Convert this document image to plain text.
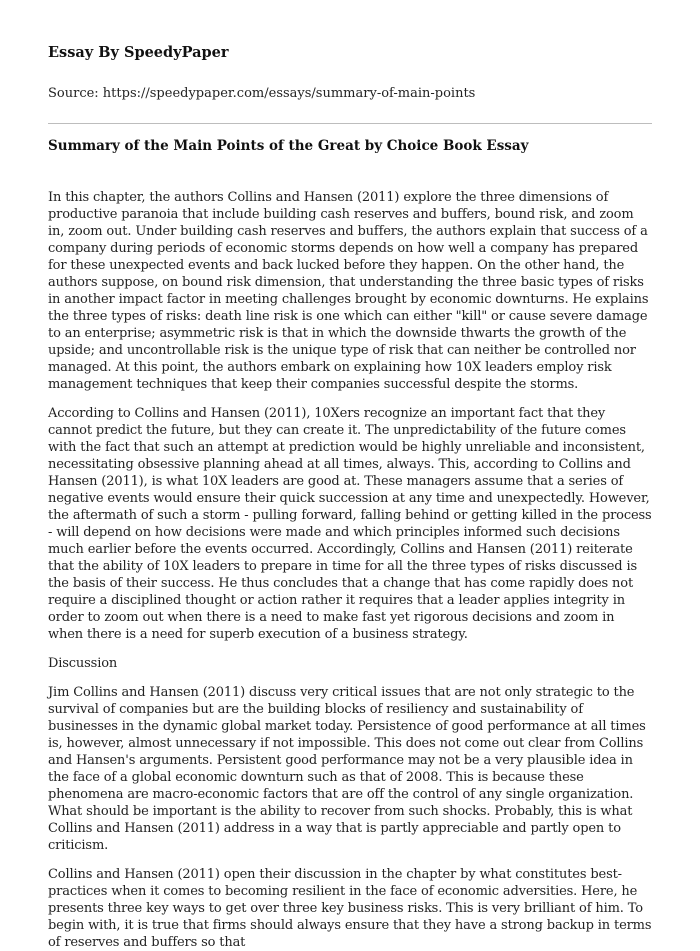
Essay By SpeedyPaper
Source: https://speedypaper.com/essays/summary-of-main-points
Summary of the Main Points of the Great by Choice Book Essay

In this chapter, the authors Collins and Hansen (2011) explore the three dimensions of productive paranoia that include building cash reserves and buffers, bound risk, and zoom in, zoom out. Under building cash reserves and buffers, the authors explain that success of a company during periods of economic storms depends on how well a company has prepared for these unexpected events and back lucked before they happen. On the other hand, the authors suppose, on bound risk dimension, that understanding the three basic types of risks in another impact factor in meeting challenges brought by economic downturns. He explains the three types of risks: death line risk is one which can either "kill" or cause severe damage to an enterprise; asymmetric risk is that in which the downside thwarts the growth of the upside; and uncontrollable risk is the unique type of risk that can neither be controlled nor managed. At this point, the authors embark on explaining how 10X leaders employ risk management techniques that keep their companies successful despite the storms.

According to Collins and Hansen (2011), 10Xers recognize an important fact that they cannot predict the future, but they can create it. The unpredictability of the future comes with the fact that such an attempt at prediction would be highly unreliable and inconsistent, necessitating obsessive planning ahead at all times, always. This, according to Collins and Hansen (2011), is what 10X leaders are good at. These managers assume that a series of negative events would ensure their quick succession at any time and unexpectedly. However, the aftermath of such a storm - pulling forward, falling behind or getting killed in the process - will depend on how decisions were made and which principles informed such decisions much earlier before the events occurred. Accordingly, Collins and Hansen (2011) reiterate that the ability of 10X leaders to prepare in time for all the three types of risks discussed is the basis of their success. He thus concludes that a change that has come rapidly does not require a disciplined thought or action rather it requires that a leader applies integrity in order to zoom out when there is a need to make fast yet rigorous decisions and zoom in when there is a need for superb execution of a business strategy.

Discussion

Jim Collins and Hansen (2011) discuss very critical issues that are not only strategic to the survival of companies but are the building blocks of resiliency and sustainability of businesses in the dynamic global market today. Persistence of good performance at all times is, however, almost unnecessary if not impossible. This does not come out clear from Collins and Hansen's arguments. Persistent good performance may not be a very plausible idea in the face of a global economic downturn such as that of 2008. This is because these phenomena are macro-economic factors that are off the control of any single organization. What should be important is the ability to recover from such shocks. Probably, this is what Collins and Hansen (2011) address in a way that is partly appreciable and partly open to criticism.

Collins and Hansen (2011) open their discussion in the chapter by what constitutes best-practices when it comes to becoming resilient in the face of economic adversities. Here, he presents three key ways to get over three key business risks. This is very brilliant of him. To begin with, it is true that firms should always ensure that they have a strong backup in terms of reserves and buffers so that
